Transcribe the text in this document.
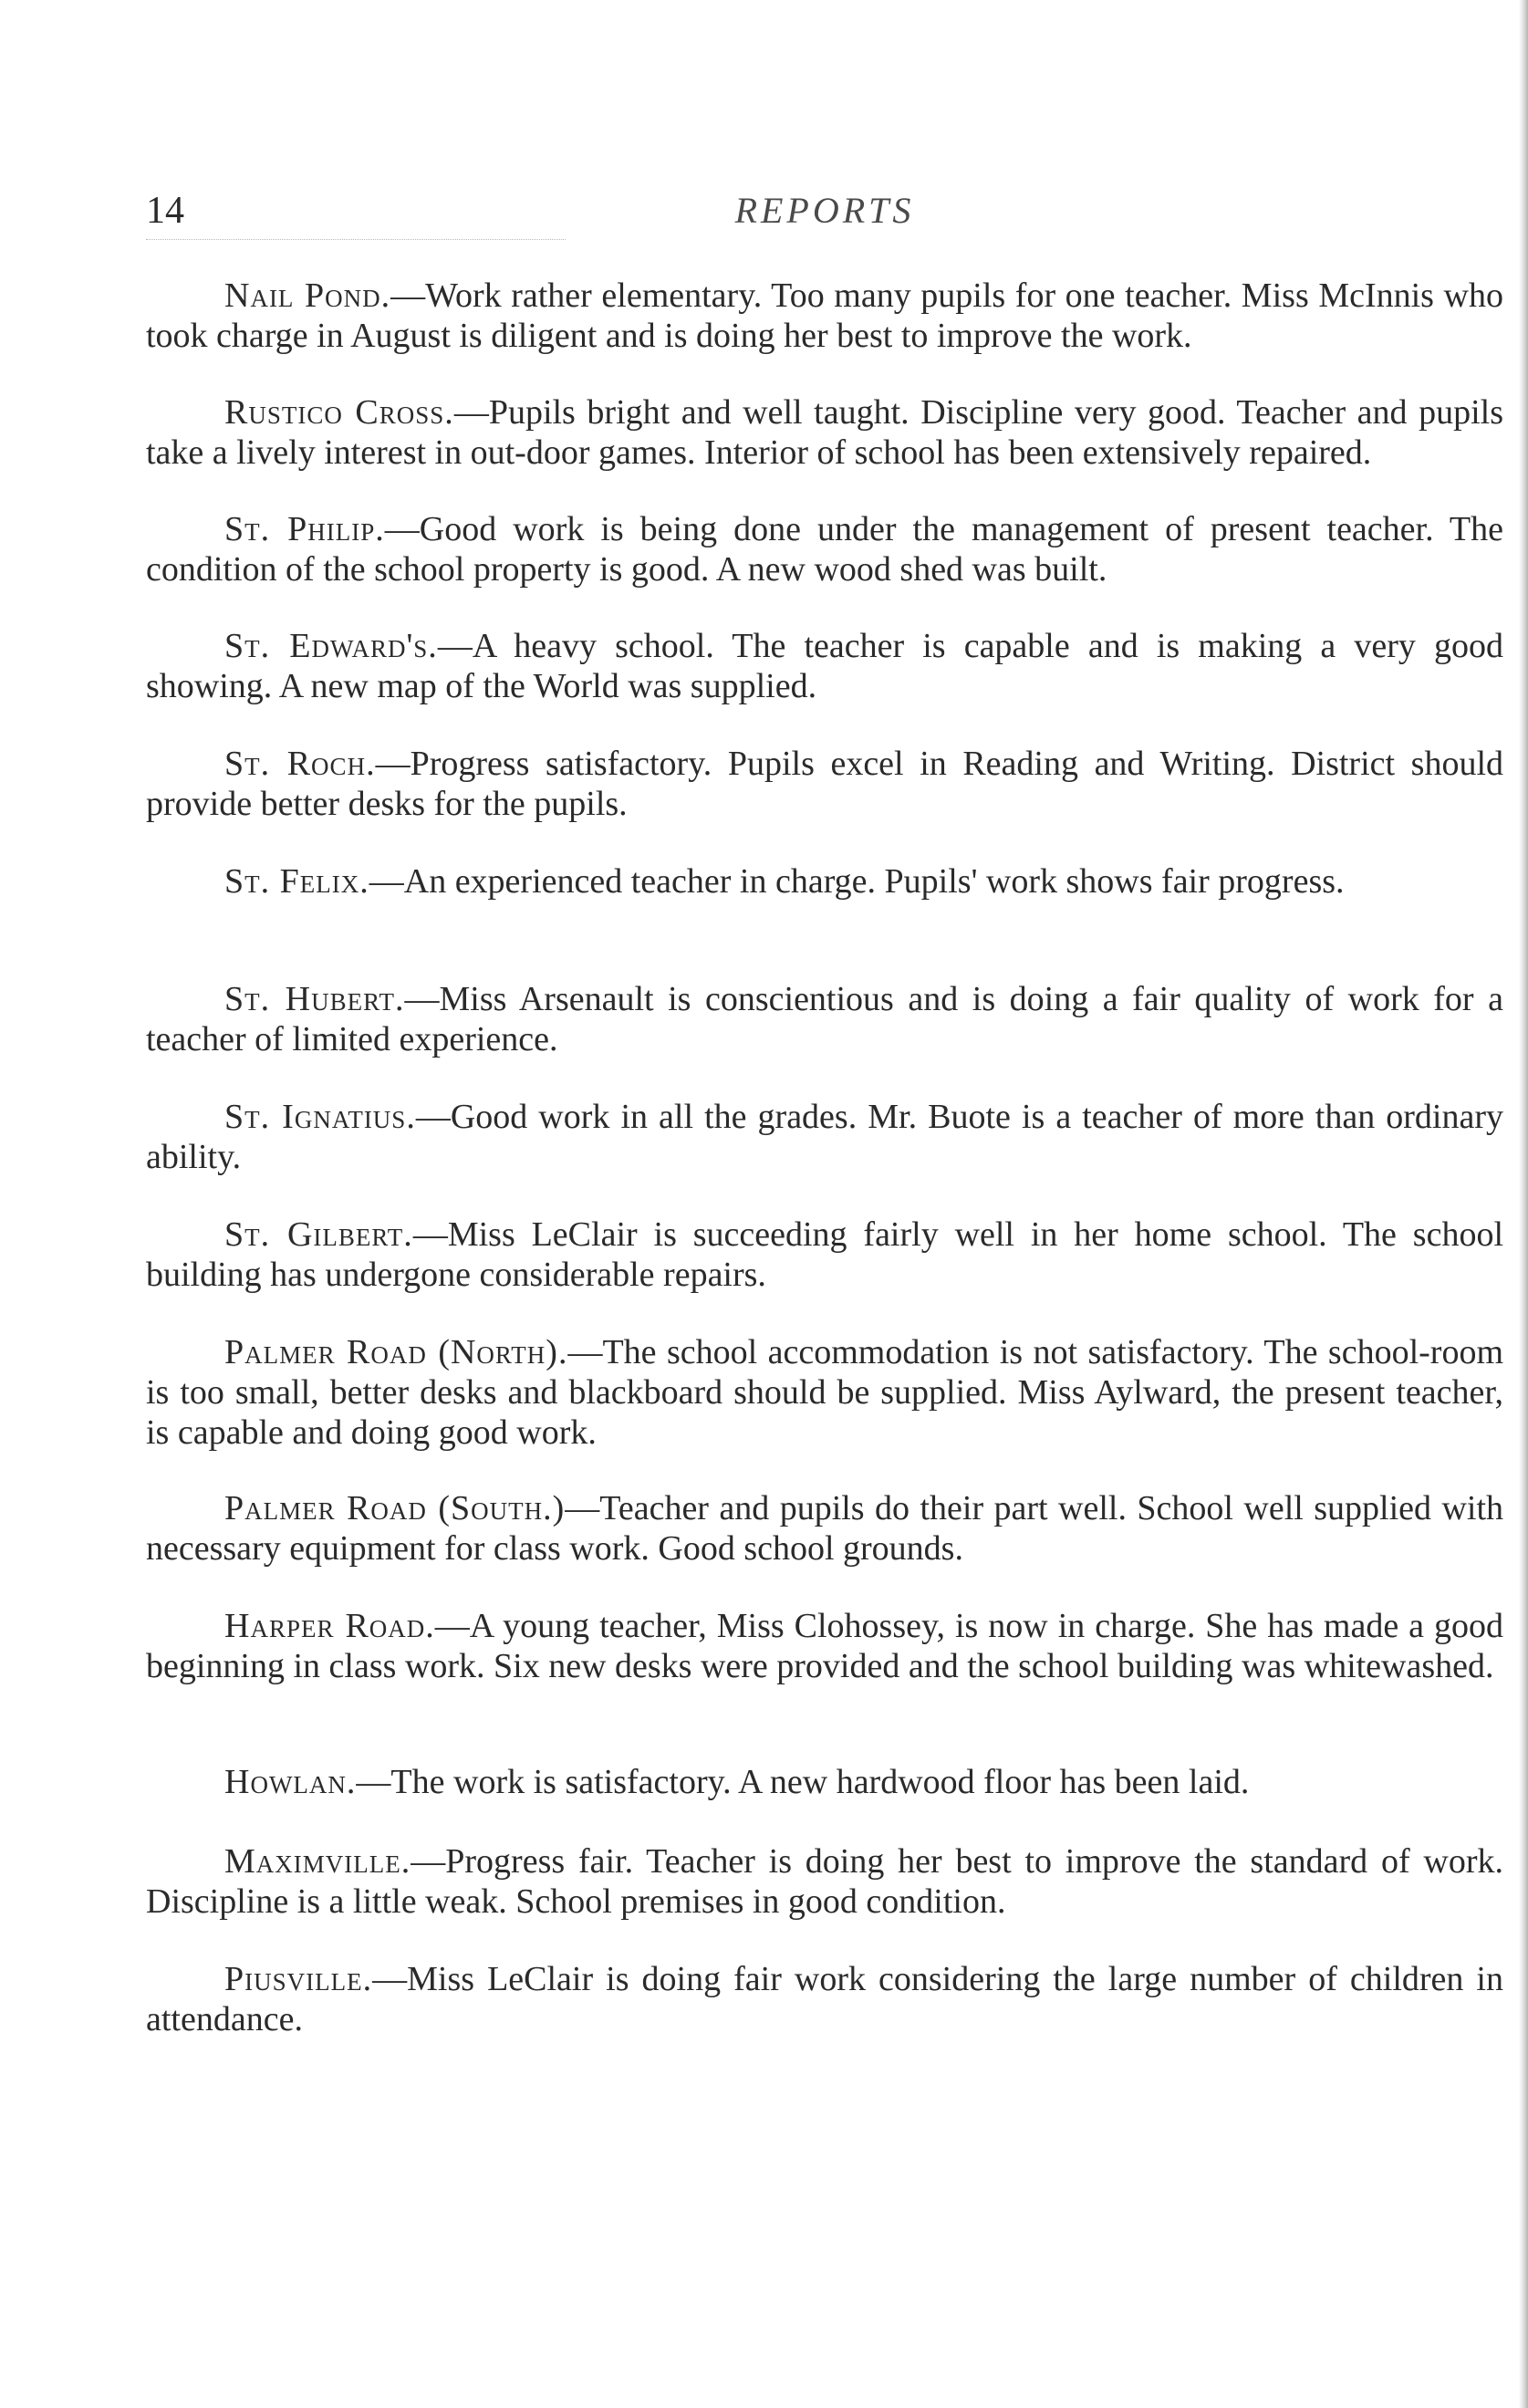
14	REPORTS

Nail Pond.—Work rather elementary. Too many pupils for one teacher. Miss McInnis who took charge in August is diligent and is doing her best to improve the work.

Rustico Cross.—Pupils bright and well taught. Discipline very good. Teacher and pupils take a lively interest in out-door games. Interior of school has been extensively repaired.

St. Philip.—Good work is being done under the management of present teacher. The condition of the school property is good. A new wood shed was built.

St. Edward's.—A heavy school. The teacher is capable and is making a very good showing. A new map of the World was supplied.

St. Roch.—Progress satisfactory. Pupils excel in Reading and Writing. District should provide better desks for the pupils.

St. Felix.—An experienced teacher in charge. Pupils' work shows fair progress.

St. Hubert.—Miss Arsenault is conscientious and is doing a fair quality of work for a teacher of limited experience.

St. Ignatius.—Good work in all the grades. Mr. Buote is a teacher of more than ordinary ability.

St. Gilbert.—Miss LeClair is succeeding fairly well in her home school. The school building has undergone considerable repairs.

Palmer Road (North).—The school accommodation is not satisfactory. The school-room is too small, better desks and blackboard should be supplied. Miss Aylward, the present teacher, is capable and doing good work.

Palmer Road (South.)—Teacher and pupils do their part well. School well supplied with necessary equipment for class work. Good school grounds.

Harper Road.—A young teacher, Miss Clohossey, is now in charge. She has made a good beginning in class work. Six new desks were provided and the school building was whitewashed.

Howlan.—The work is satisfactory. A new hardwood floor has been laid.

Maximville.—Progress fair. Teacher is doing her best to improve the standard of work. Discipline is a little weak. School premises in good condition.

Piusville.—Miss LeClair is doing fair work considering the large number of children in attendance.
